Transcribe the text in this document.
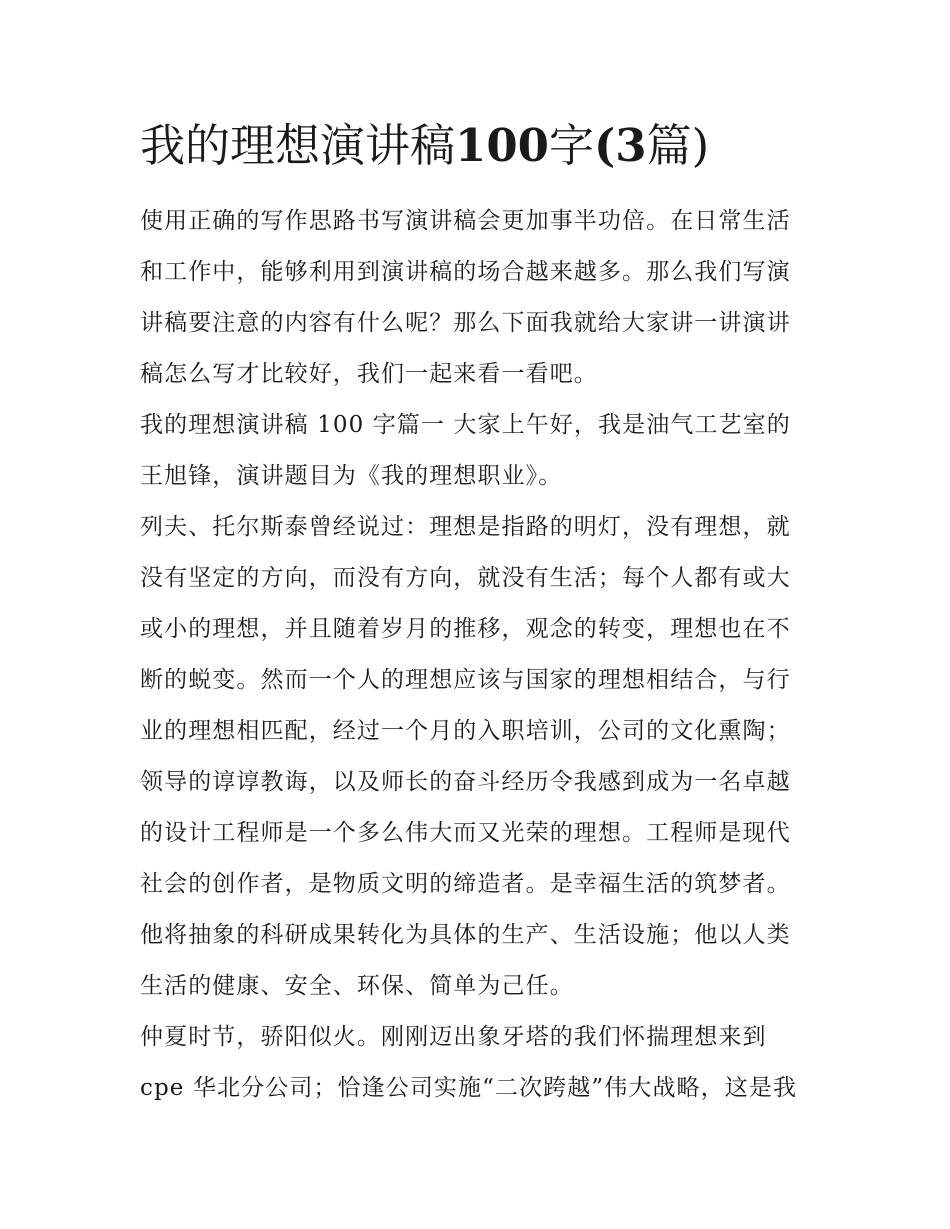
我的理想演讲稿100字(3篇)

使用正确的写作思路书写演讲稿会更加事半功倍。在日常生活

和工作中，能够利用到演讲稿的场合越来越多。那么我们写演

讲稿要注意的内容有什么呢？那么下面我就给大家讲一讲演讲

稿怎么写才比较好，我们一起来看一看吧。

我的理想演讲稿 100 字篇一 大家上午好，我是油气工艺室的

王旭锋，演讲题目为《我的理想职业》。

列夫、托尔斯泰曾经说过：理想是指路的明灯，没有理想，就

没有坚定的方向，而没有方向，就没有生活；每个人都有或大

或小的理想，并且随着岁月的推移，观念的转变，理想也在不

断的蜕变。然而一个人的理想应该与国家的理想相结合，与行

业的理想相匹配，经过一个月的入职培训，公司的文化熏陶；

领导的谆谆教诲，以及师长的奋斗经历令我感到成为一名卓越

的设计工程师是一个多么伟大而又光荣的理想。工程师是现代

社会的创作者，是物质文明的缔造者。是幸福生活的筑梦者。

他将抽象的科研成果转化为具体的生产、生活设施；他以人类

生活的健康、安全、环保、简单为己任。

仲夏时节，骄阳似火。刚刚迈出象牙塔的我们怀揣理想来到

cpe 华北分公司；恰逢公司实施“二次跨越”伟大战略，这是我
